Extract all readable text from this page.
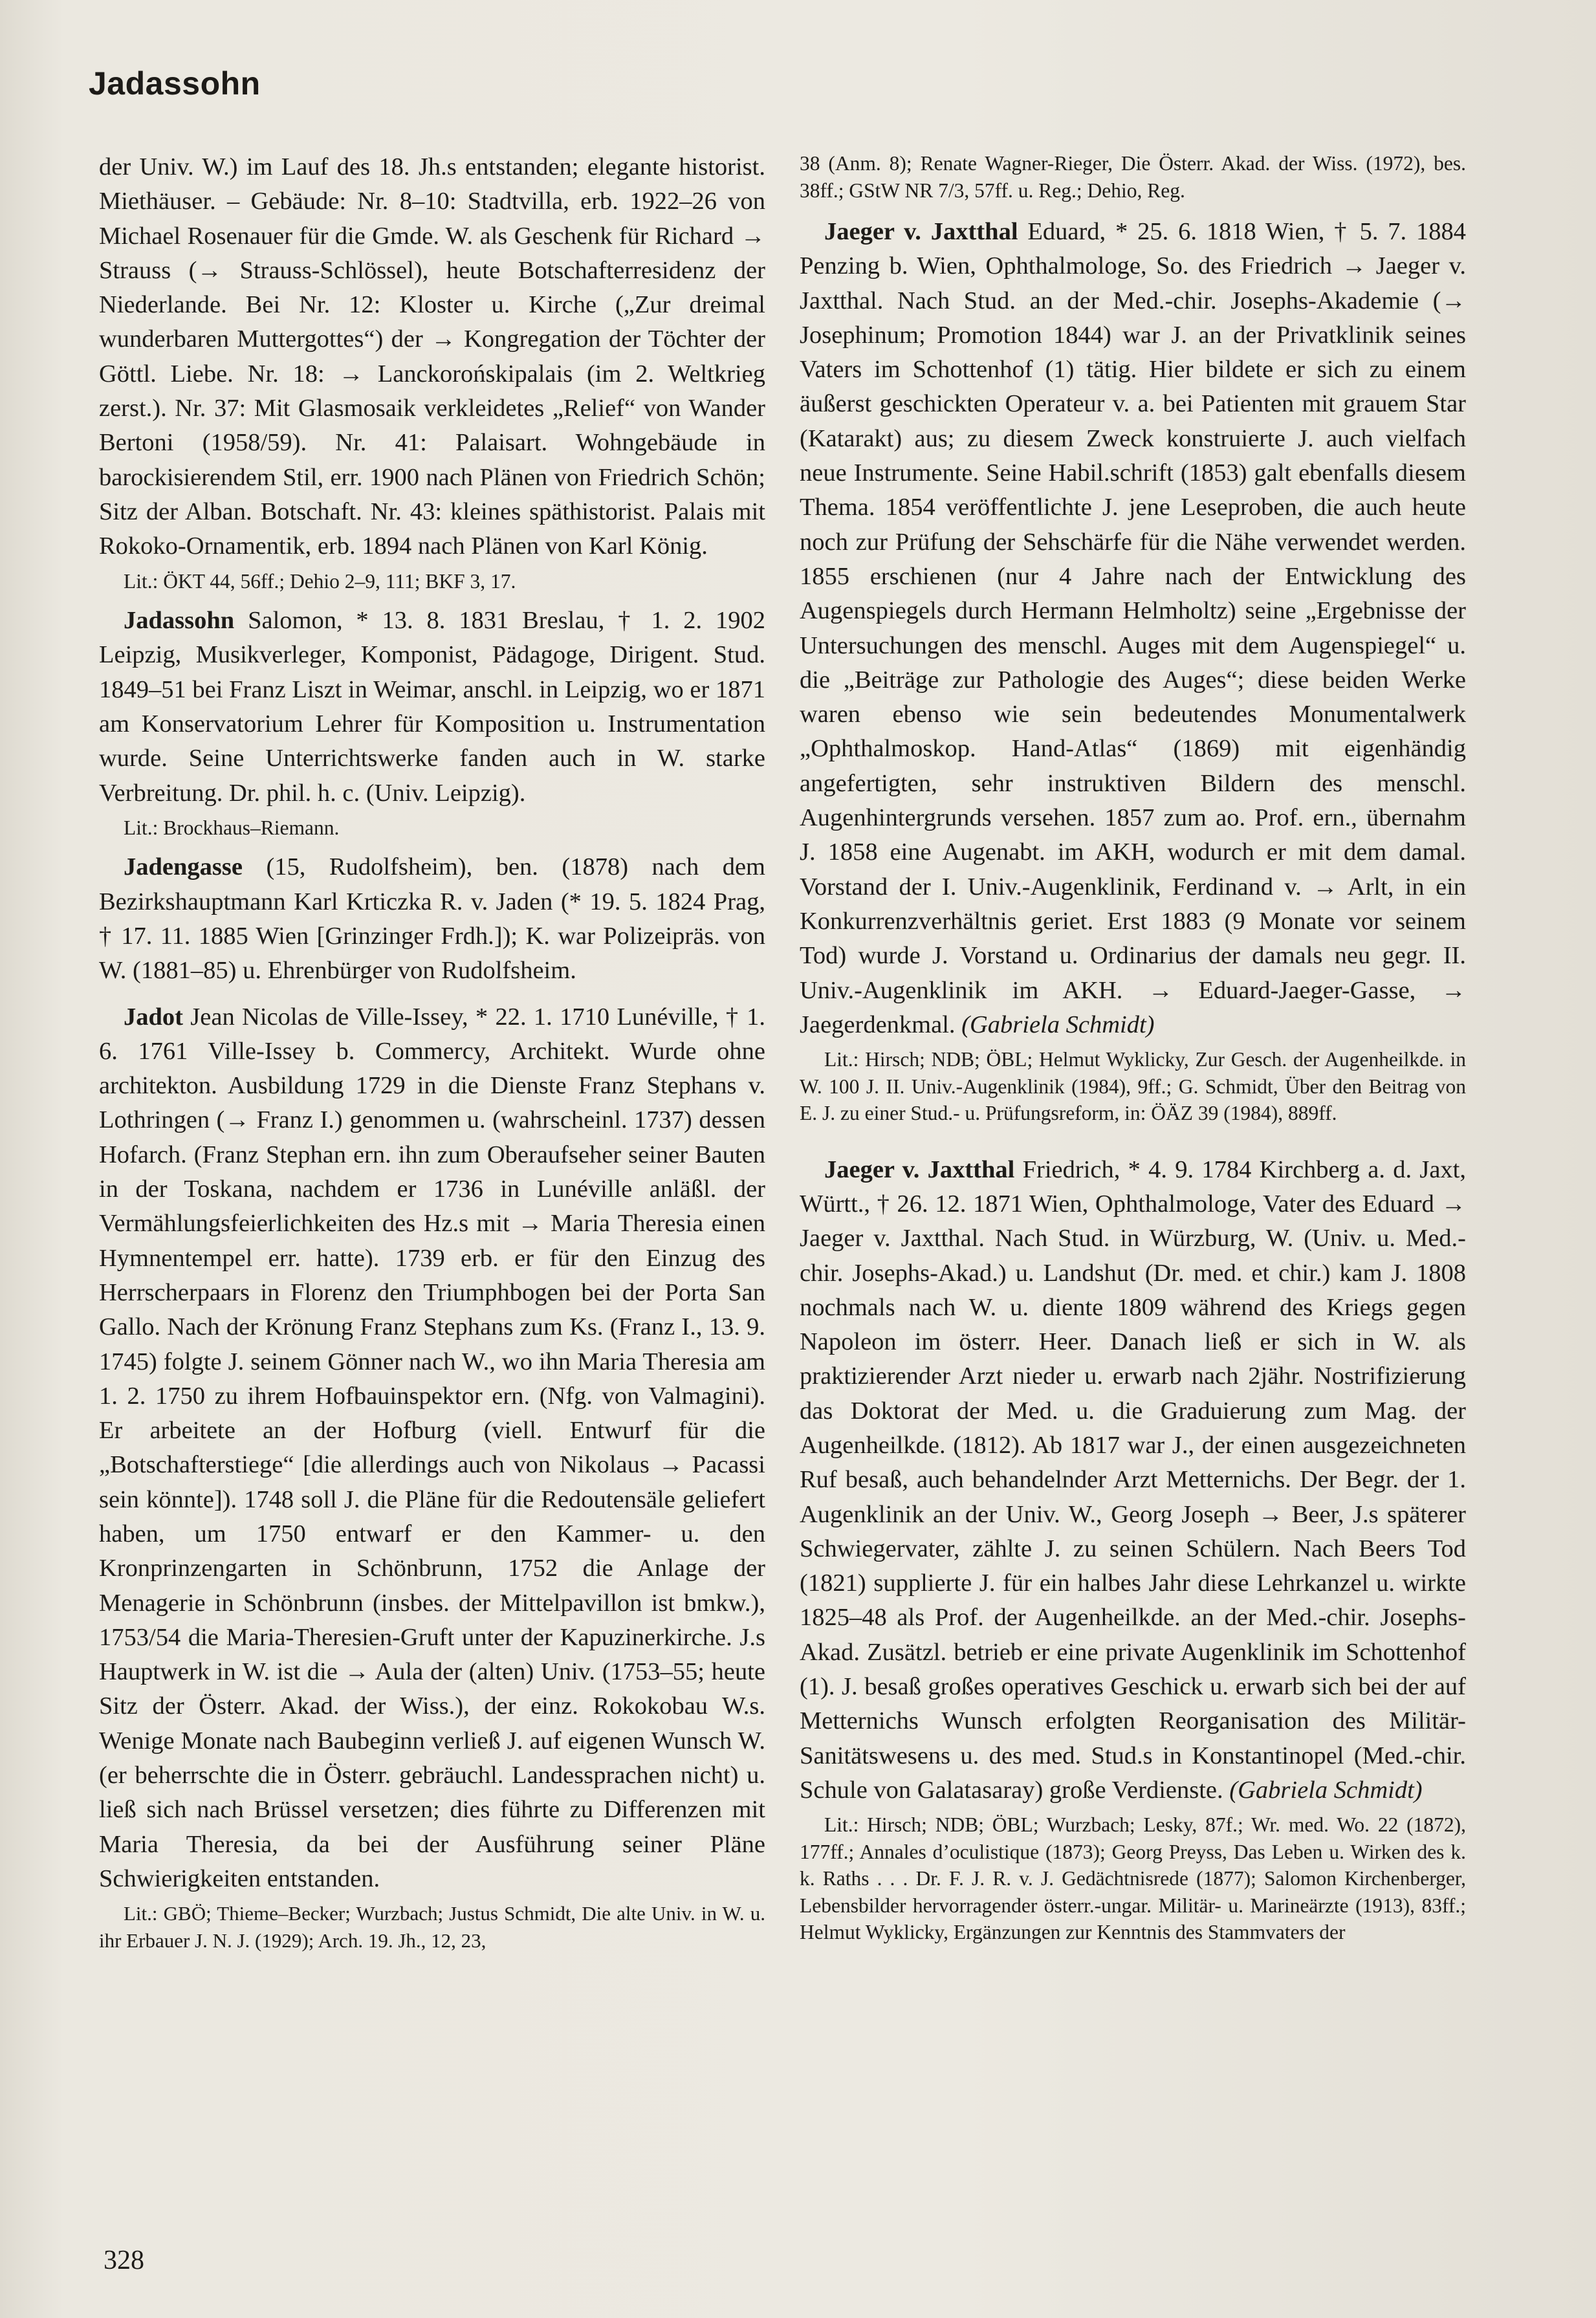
Jadassohn

der Univ. W.) im Lauf des 18. Jh.s entstanden; elegante historist. Miethäuser. – Gebäude: Nr. 8–10: Stadtvilla, erb. 1922–26 von Michael Rosenauer für die Gmde. W. als Geschenk für Richard → Strauss (→ Strauss-Schlössel), heute Botschafterresidenz der Niederlande. Bei Nr. 12: Kloster u. Kirche („Zur dreimal wunderbaren Muttergottes“) der → Kongregation der Töchter der Göttl. Liebe. Nr. 18: → Lanckorońskipalais (im 2. Weltkrieg zerst.). Nr. 37: Mit Glasmosaik verkleidetes „Relief“ von Wander Bertoni (1958/59). Nr. 41: Palaisart. Wohngebäude in barockisierendem Stil, err. 1900 nach Plänen von Friedrich Schön; Sitz der Alban. Botschaft. Nr. 43: kleines späthistorist. Palais mit Rokoko-Ornamentik, erb. 1894 nach Plänen von Karl König.

Lit.: ÖKT 44, 56ff.; Dehio 2–9, 111; BKF 3, 17.

Jadassohn Salomon, * 13. 8. 1831 Breslau, † 1. 2. 1902 Leipzig, Musikverleger, Komponist, Pädagoge, Dirigent. Stud. 1849–51 bei Franz Liszt in Weimar, anschl. in Leipzig, wo er 1871 am Konservatorium Lehrer für Komposition u. Instrumentation wurde. Seine Unterrichtswerke fanden auch in W. starke Verbreitung. Dr. phil. h. c. (Univ. Leipzig).

Lit.: Brockhaus–Riemann.

Jadengasse (15, Rudolfsheim), ben. (1878) nach dem Bezirkshauptmann Karl Krticzka R. v. Jaden (* 19. 5. 1824 Prag, † 17. 11. 1885 Wien [Grinzinger Frdh.]); K. war Polizeipräs. von W. (1881–85) u. Ehrenbürger von Rudolfsheim.

Jadot Jean Nicolas de Ville-Issey, * 22. 1. 1710 Lunéville, † 1. 6. 1761 Ville-Issey b. Commercy, Architekt. Wurde ohne architekton. Ausbildung 1729 in die Dienste Franz Stephans v. Lothringen (→ Franz I.) genommen u. (wahrscheinl. 1737) dessen Hofarch. (Franz Stephan ern. ihn zum Oberaufseher seiner Bauten in der Toskana, nachdem er 1736 in Lunéville anläßl. der Vermählungsfeierlichkeiten des Hz.s mit → Maria Theresia einen Hymnentempel err. hatte). 1739 erb. er für den Einzug des Herrscherpaars in Florenz den Triumphbogen bei der Porta San Gallo. Nach der Krönung Franz Stephans zum Ks. (Franz I., 13. 9. 1745) folgte J. seinem Gönner nach W., wo ihn Maria Theresia am 1. 2. 1750 zu ihrem Hofbauinspektor ern. (Nfg. von Valmagini). Er arbeitete an der Hofburg (viell. Entwurf für die „Botschafterstiege“ [die allerdings auch von Nikolaus → Pacassi sein könnte]). 1748 soll J. die Pläne für die Redoutensäle geliefert haben, um 1750 entwarf er den Kammer- u. den Kronprinzengarten in Schönbrunn, 1752 die Anlage der Menagerie in Schönbrunn (insbes. der Mittelpavillon ist bmkw.), 1753/54 die Maria-Theresien-Gruft unter der Kapuzinerkirche. J.s Hauptwerk in W. ist die → Aula der (alten) Univ. (1753–55; heute Sitz der Österr. Akad. der Wiss.), der einz. Rokokobau W.s. Wenige Monate nach Baubeginn verließ J. auf eigenen Wunsch W. (er beherrschte die in Österr. gebräuchl. Landessprachen nicht) u. ließ sich nach Brüssel versetzen; dies führte zu Differenzen mit Maria Theresia, da bei der Ausführung seiner Pläne Schwierigkeiten entstanden.

Lit.: GBÖ; Thieme–Becker; Wurzbach; Justus Schmidt, Die alte Univ. in W. u. ihr Erbauer J. N. J. (1929); Arch. 19. Jh., 12, 23,
38 (Anm. 8); Renate Wagner-Rieger, Die Österr. Akad. der Wiss. (1972), bes. 38ff.; GStW NR 7/3, 57ff. u. Reg.; Dehio, Reg.

Jaeger v. Jaxtthal Eduard, * 25. 6. 1818 Wien, † 5. 7. 1884 Penzing b. Wien, Ophthalmologe, So. des Friedrich → Jaeger v. Jaxtthal. Nach Stud. an der Med.-chir. Josephs-Akademie (→ Josephinum; Promotion 1844) war J. an der Privatklinik seines Vaters im Schottenhof (1) tätig. Hier bildete er sich zu einem äußerst geschickten Operateur v. a. bei Patienten mit grauem Star (Katarakt) aus; zu diesem Zweck konstruierte J. auch vielfach neue Instrumente. Seine Habil.schrift (1853) galt ebenfalls diesem Thema. 1854 veröffentlichte J. jene Leseproben, die auch heute noch zur Prüfung der Sehschärfe für die Nähe verwendet werden. 1855 erschienen (nur 4 Jahre nach der Entwicklung des Augenspiegels durch Hermann Helmholtz) seine „Ergebnisse der Untersuchungen des menschl. Auges mit dem Augenspiegel“ u. die „Beiträge zur Pathologie des Auges“; diese beiden Werke waren ebenso wie sein bedeutendes Monumentalwerk „Ophthalmoskop. Hand-Atlas“ (1869) mit eigenhändig angefertigten, sehr instruktiven Bildern des menschl. Augenhintergrunds versehen. 1857 zum ao. Prof. ern., übernahm J. 1858 eine Augenabt. im AKH, wodurch er mit dem damal. Vorstand der I. Univ.-Augenklinik, Ferdinand v. → Arlt, in ein Konkurrenzverhältnis geriet. Erst 1883 (9 Monate vor seinem Tod) wurde J. Vorstand u. Ordinarius der damals neu gegr. II. Univ.-Augenklinik im AKH. → Eduard-Jaeger-Gasse, → Jaegerdenkmal. (Gabriela Schmidt)

Lit.: Hirsch; NDB; ÖBL; Helmut Wyklicky, Zur Gesch. der Augenheilkde. in W. 100 J. II. Univ.-Augenklinik (1984), 9ff.; G. Schmidt, Über den Beitrag von E. J. zu einer Stud.- u. Prüfungsreform, in: ÖÄZ 39 (1984), 889ff.

Jaeger v. Jaxtthal Friedrich, * 4. 9. 1784 Kirchberg a. d. Jaxt, Württ., † 26. 12. 1871 Wien, Ophthalmologe, Vater des Eduard → Jaeger v. Jaxtthal. Nach Stud. in Würzburg, W. (Univ. u. Med.-chir. Josephs-Akad.) u. Landshut (Dr. med. et chir.) kam J. 1808 nochmals nach W. u. diente 1809 während des Kriegs gegen Napoleon im österr. Heer. Danach ließ er sich in W. als praktizierender Arzt nieder u. erwarb nach 2jähr. Nostrifizierung das Doktorat der Med. u. die Graduierung zum Mag. der Augenheilkde. (1812). Ab 1817 war J., der einen ausgezeichneten Ruf besaß, auch behandelnder Arzt Metternichs. Der Begr. der 1. Augenklinik an der Univ. W., Georg Joseph → Beer, J.s späterer Schwiegervater, zählte J. zu seinen Schülern. Nach Beers Tod (1821) supplierte J. für ein halbes Jahr diese Lehrkanzel u. wirkte 1825–48 als Prof. der Augenheilkde. an der Med.-chir. Josephs-Akad. Zusätzl. betrieb er eine private Augenklinik im Schottenhof (1). J. besaß großes operatives Geschick u. erwarb sich bei der auf Metternichs Wunsch erfolgten Reorganisation des Militär-Sanitätswesens u. des med. Stud.s in Konstantinopel (Med.-chir. Schule von Galatasaray) große Verdienste. (Gabriela Schmidt)

Lit.: Hirsch; NDB; ÖBL; Wurzbach; Lesky, 87f.; Wr. med. Wo. 22 (1872), 177ff.; Annales d’oculistique (1873); Georg Preyss, Das Leben u. Wirken des k. k. Raths . . . Dr. F. J. R. v. J. Gedächtnisrede (1877); Salomon Kirchenberger, Lebensbilder hervorragender österr.-ungar. Militär- u. Marineärzte (1913), 83ff.; Helmut Wyklicky, Ergänzungen zur Kenntnis des Stammvaters der
328
